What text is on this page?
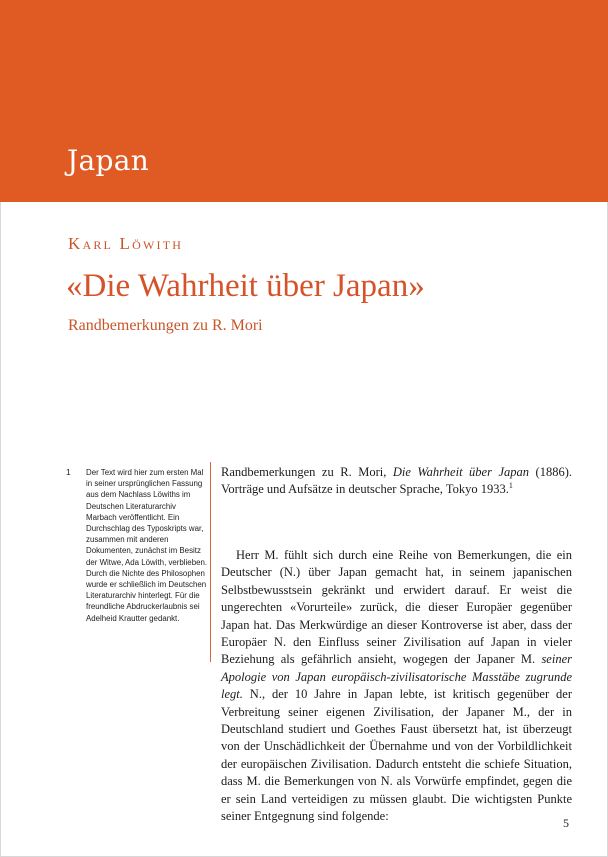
Japan
Karl Löwith
«Die Wahrheit über Japan»
Randbemerkungen zu R. Mori
1 Der Text wird hier zum ersten Mal in seiner ursprünglichen Fassung aus dem Nachlass Löwiths im Deutschen Literaturarchiv Marbach veröffentlicht. Ein Durchschlag des Typoskripts war, zusammen mit anderen Dokumenten, zunächst im Besitz der Witwe, Ada Löwith, verblieben. Durch die Nichte des Philosophen wurde er schließlich im Deutschen Literaturarchiv hinterlegt. Für die freundliche Abdruckerlaubnis sei Adelheid Krautter gedankt.
Randbemerkungen zu R. Mori, Die Wahrheit über Japan (1886). Vorträge und Aufsätze in deutscher Sprache, Tokyo 1933.$^1$
Herr M. fühlt sich durch eine Reihe von Bemerkungen, die ein Deutscher (N.) über Japan gemacht hat, in seinem japanischen Selbstbewusstsein gekränkt und erwidert darauf. Er weist die ungerechten «Vorurteile» zurück, die dieser Europäer gegenüber Japan hat. Das Merkwürdige an dieser Kontroverse ist aber, dass der Europäer N. den Einfluss seiner Zivilisation auf Japan in vieler Beziehung als gefährlich ansieht, wogegen der Japaner M. seiner Apologie von Japan europäisch-zivilisatorische Masstäbe zugrunde legt. N., der 10 Jahre in Japan lebte, ist kritisch gegenüber der Verbreitung seiner eigenen Zivilisation, der Japaner M., der in Deutschland studiert und Goethes Faust übersetzt hat, ist überzeugt von der Unschädlichkeit der Übernahme und von der Vorbildlichkeit der europäischen Zivilisation. Dadurch entsteht die schiefe Situation, dass M. die Bemerkungen von N. als Vorwürfe empfindet, gegen die er sein Land verteidigen zu müssen glaubt. Die wichtigsten Punkte seiner Entgegnung sind folgende:	5
